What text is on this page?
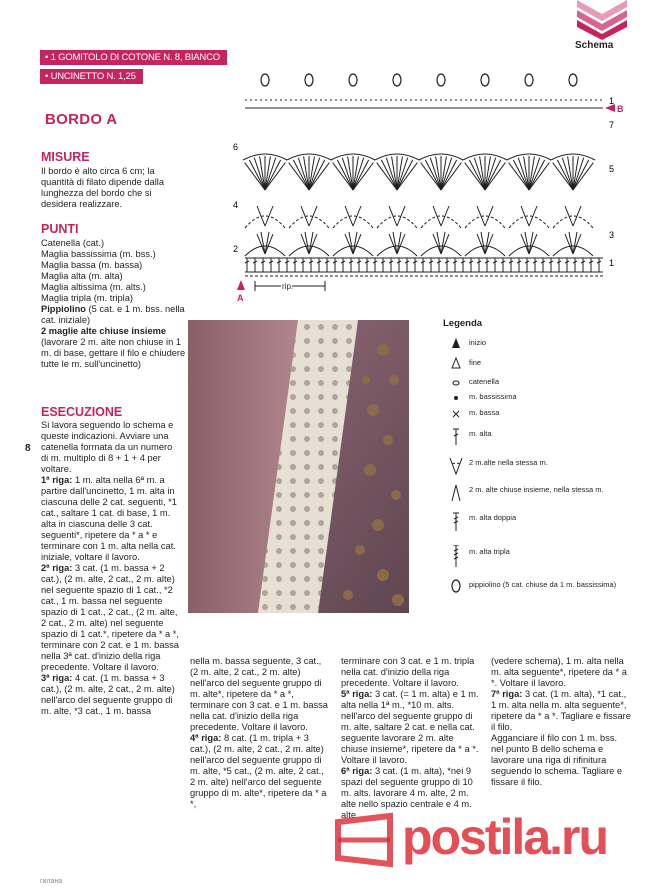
Schema
• 1 GOMITOLO DI COTONE N. 8, BIANCO
• UNCINETTO N. 1,25
BORDO A
MISURE
Il bordo è alto circa 6 cm; la quantità di filato dipende dalla lunghezza del bordo che si desidera realizzare.
PUNTI
Catenella (cat.)
Maglia bassissima (m. bss.)
Maglia bassa (m. bassa)
Maglia alta (m. alta)
Maglia altissima (m. alts.)
Maglia tripla (m. tripla)
Pippiolino (5 cat. e 1 m. bss. nella cat. iniziale)
2 maglie alte chiuse insieme (lavorare 2 m. alte non chiuse in 1 m. di base, gettare il filo e chiudere tutte le m. sull'uncinetto)
ESECUZIONE
8

Si lavora seguendo lo schema e queste indicazioni. Avviare una catenella formata da un numero di m. multiplo di 8 + 1 + 4 per voltare.

1ª riga: 1 m. alta nella 6ª m. a partire dall'uncinetto, 1 m. alta in ciascuna delle 2 cat. seguenti, *1 cat., saltare 1 cat. di base, 1 m. alta in ciascuna delle 3 cat. seguenti*, ripetere da * a * e terminare con 1 m. alta nella cat. iniziale, voltare il lavoro.

2ª riga: 3 cat. (1 m. bassa + 2 cat.), (2 m. alte, 2 cat., 2 m. alte) nel seguente spazio di 1 cat., *2 cat., 1 m. bassa nel seguente spazio di 1 cat., 2 cat., (2 m. alte, 2 cat., 2 m. alte) nel seguente spazio di 1 cat.*, ripetere da * a *, terminare con 2 cat. e 1 m. bassa nella 3ª cat. d'inizio della riga precedente. Voltare il lavoro.

3ª riga: 4 cat. (1 m. bassa + 3 cat.), (2 m. alte, 2 cat., 2 m. alte) nell'arco del seguente gruppo di m. alte, *3 cat., 1 m. bassa

nella m. bassa seguente, 3 cat., (2 m. alte, 2 cat., 2 m. alte) nell'arco del seguente gruppo di m. alte*, ripetere da * a *, terminare con 3 cat. e 1 m. bassa nella cat. d'inizio della riga precedente. Voltare il lavoro.

4ª riga: 8 cat. (1 m. tripla + 3 cat.), (2 m. alte, 2 cat., 2 m. alte) nell'arco del seguente gruppo di m. alte, *5 cat., (2 m. alte, 2 cat., 2 m. alte) nell'arco del seguente gruppo di m. alte*, ripetere da * a *,

terminare con 3 cat. e 1 m. tripla nella cat. d'inizio della riga precedente. Voltare il lavoro.

5ª riga: 3 cat. (= 1 m. alta) e 1 m. alta nella 1ª m., *10 m. alts. nell'arco del seguente gruppo di m. alte, saltare 2 cat. e nella cat. seguente lavorare 2 m. alte chiuse insieme*, ripetere da * a *. Voltare il lavoro.

6ª riga: 3 cat. (1 m. alta), *nei 9 spazi del seguente gruppo di 10 m. alts. lavorare 4 m. alte, 2 m. alte nello spazio centrale e 4 m. alte

(vedere schema), 1 m. alta nella m. alta seguente*, ripetere da * a *. Voltare il lavoro.

7ª riga: 3 cat. (1 m. alta), *1 cat., 1 m. alta nella m. alta seguente*, ripetere da * a *. Tagliare e fissare il filo.

Agganciare il filo con 1 m. bss. nel punto B dello schema e lavorare una riga di rifinitura seguendo lo schema. Tagliare e fissare il filo.

6
4
2
1
7
5
3
1
A
B
rip.
Legenda
inizio
fine
catenella
m. bassissima
m. bassa
m. alta
2 m.alte nella stessa m.
2 m. alte chiuse insieme, nella stessa m.
m. alta doppia
m. alta tripla
pippiolino (5 cat. chiuse da 1 m. bassissima)
гилана
postila.ru
